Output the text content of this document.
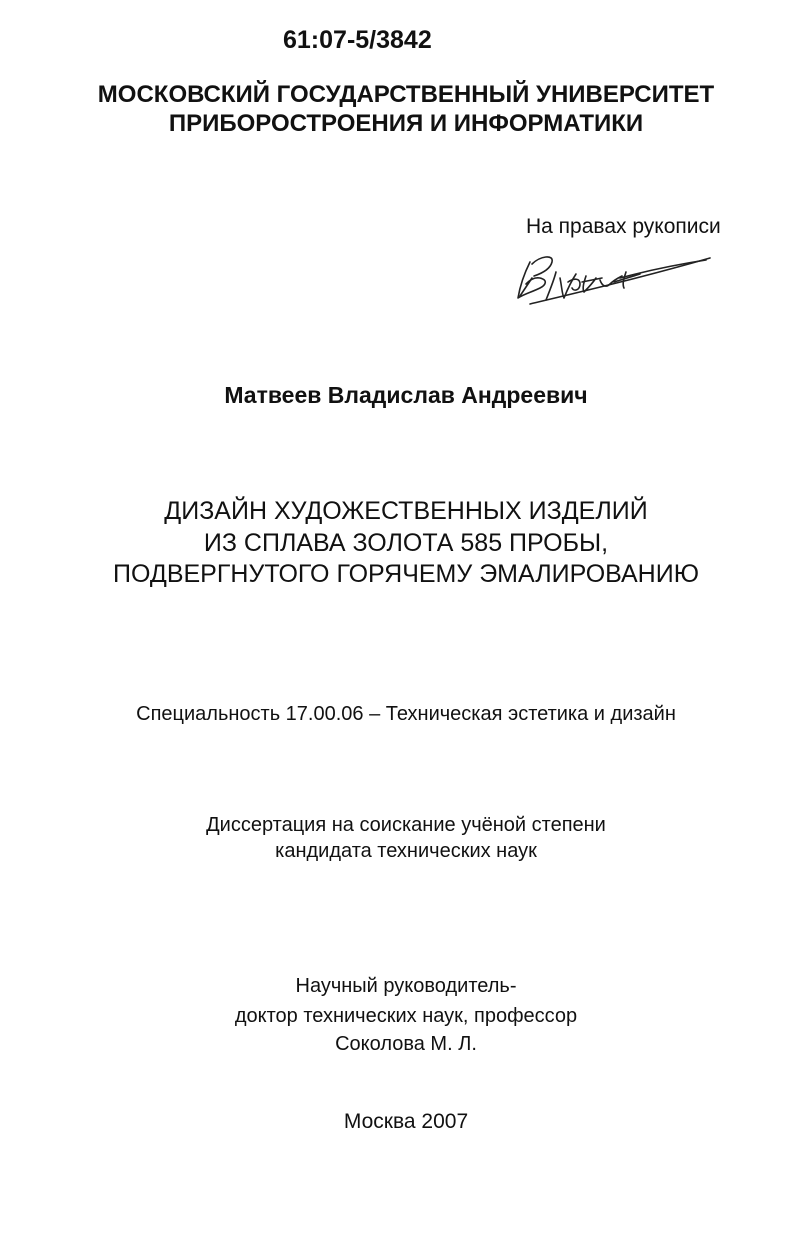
61:07-5/3842
МОСКОВСКИЙ ГОСУДАРСТВЕННЫЙ УНИВЕРСИТЕТ
ПРИБОРОСТРОЕНИЯ И ИНФОРМАТИКИ
На правах рукописи
Матвеев Владислав Андреевич
ДИЗАЙН ХУДОЖЕСТВЕННЫХ ИЗДЕЛИЙ
ИЗ СПЛАВА ЗОЛОТА 585 ПРОБЫ,
ПОДВЕРГНУТОГО ГОРЯЧЕМУ ЭМАЛИРОВАНИЮ
Специальность 17.00.06 – Техническая эстетика и дизайн
Диссертация на соискание учёной степени
кандидата технических наук
Научный руководитель-
доктор технических наук, профессор
Соколова М. Л.
Москва 2007
